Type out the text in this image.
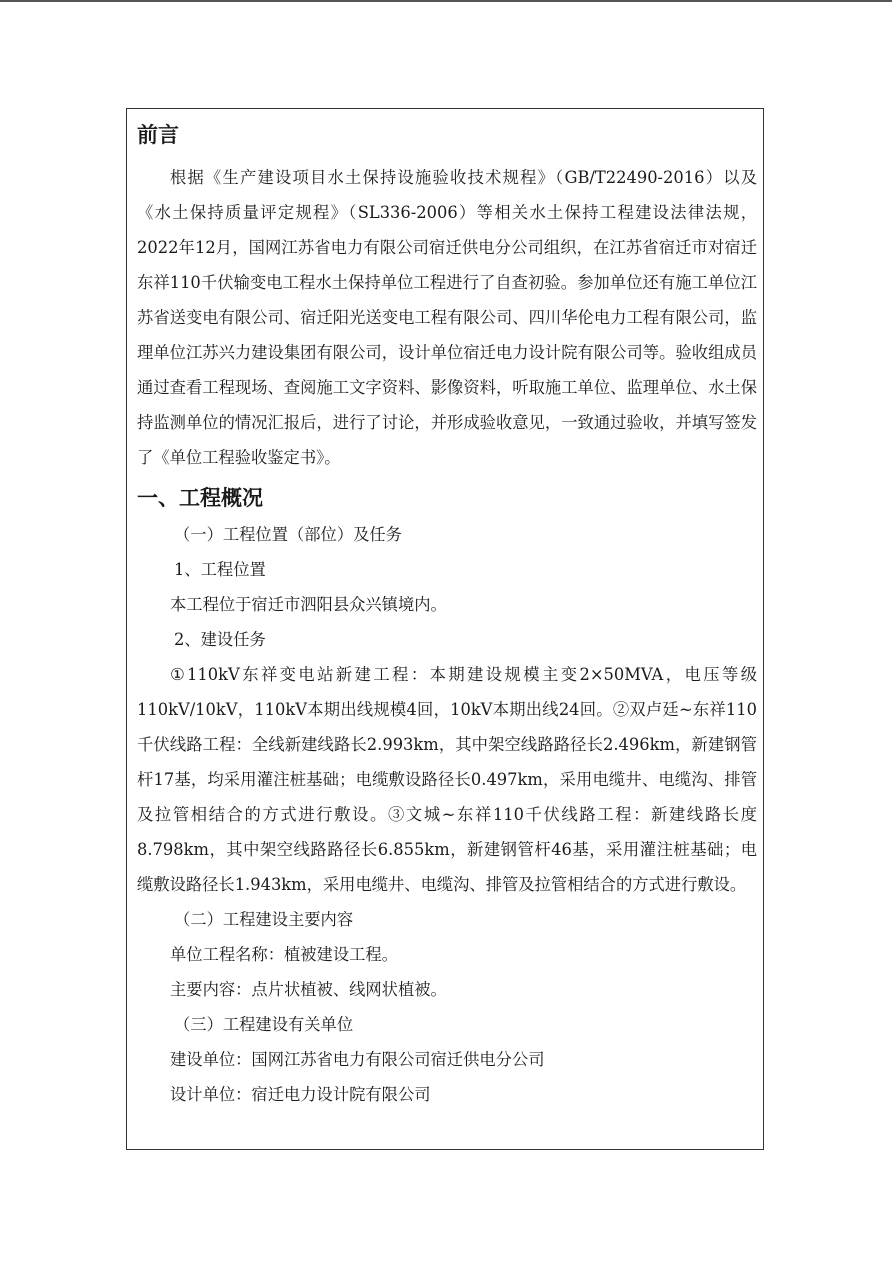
前言

根据《生产建设项目水土保持设施验收技术规程》（GB/T22490-2016）以及《水土保持质量评定规程》（SL336-2006）等相关水土保持工程建设法律法规，2022年12月，国网江苏省电力有限公司宿迁供电分公司组织，在江苏省宿迁市对宿迁东祥110千伏输变电工程水土保持单位工程进行了自查初验。参加单位还有施工单位江苏省送变电有限公司、宿迁阳光送变电工程有限公司、四川华伦电力工程有限公司，监理单位江苏兴力建设集团有限公司，设计单位宿迁电力设计院有限公司等。验收组成员通过查看工程现场、查阅施工文字资料、影像资料，听取施工单位、监理单位、水土保持监测单位的情况汇报后，进行了讨论，并形成验收意见，一致通过验收，并填写签发了《单位工程验收鉴定书》。

一、工程概况

（一）工程位置（部位）及任务

1、工程位置

本工程位于宿迁市泗阳县众兴镇境内。

2、建设任务

①110kV东祥变电站新建工程：本期建设规模主变2×50MVA，电压等级110kV/10kV，110kV本期出线规模4回，10kV本期出线24回。②双卢廷~东祥110千伏线路工程：全线新建线路长2.993km，其中架空线路路径长2.496km，新建钢管杆17基，均采用灌注桩基础；电缆敷设路径长0.497km，采用电缆井、电缆沟、排管及拉管相结合的方式进行敷设。③文城~东祥110千伏线路工程：新建线路长度8.798km，其中架空线路路径长6.855km，新建钢管杆46基，采用灌注桩基础；电缆敷设路径长1.943km，采用电缆井、电缆沟、排管及拉管相结合的方式进行敷设。

（二）工程建设主要内容

单位工程名称：植被建设工程。

主要内容：点片状植被、线网状植被。

（三）工程建设有关单位

建设单位：国网江苏省电力有限公司宿迁供电分公司

设计单位：宿迁电力设计院有限公司
